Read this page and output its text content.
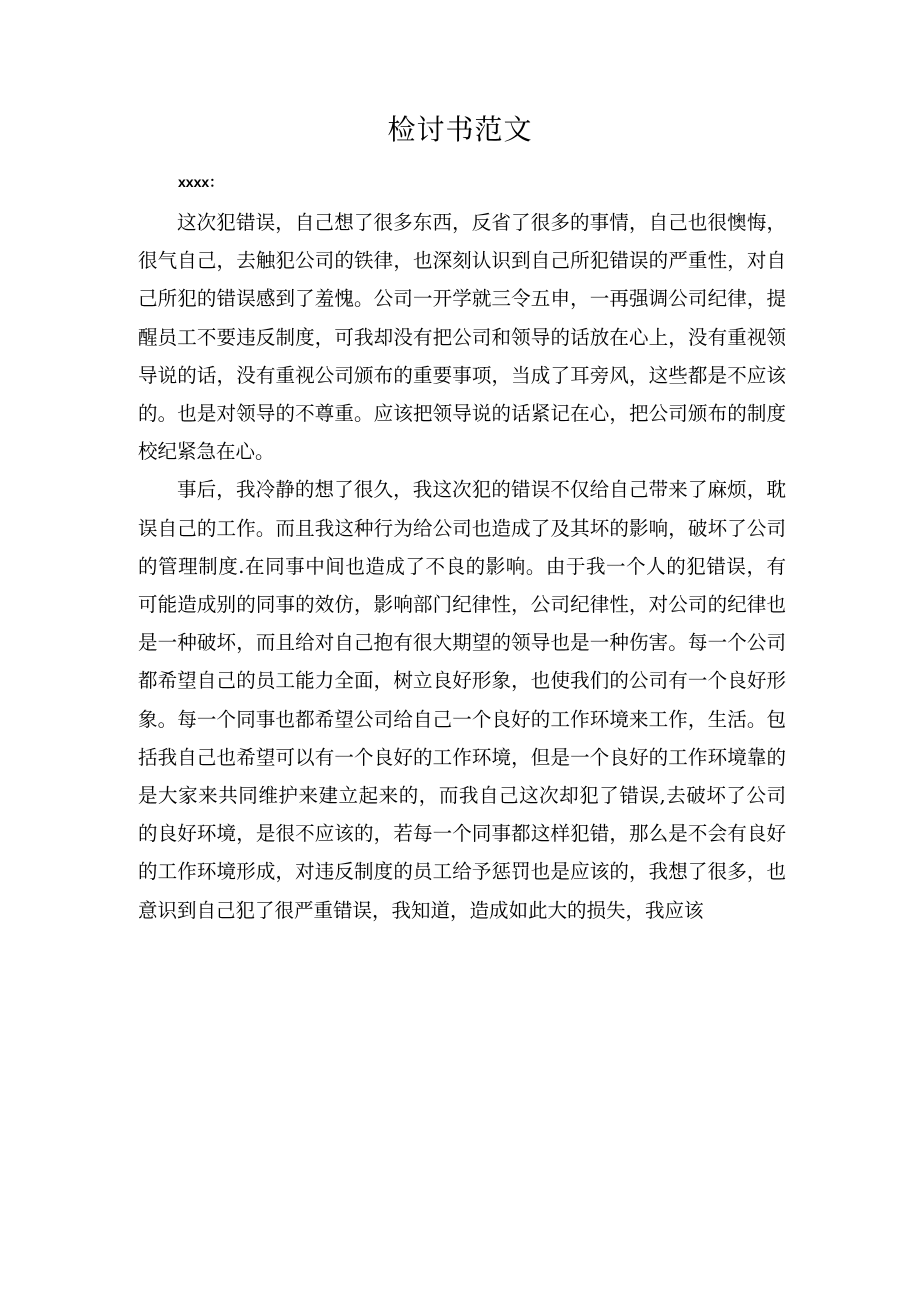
检讨书范文
xxxx：

这次犯错误，自己想了很多东西，反省了很多的事情，自己也很懊悔，很气自己，去触犯公司的铁律，也深刻认识到自己所犯错误的严重性，对自己所犯的错误感到了羞愧。公司一开学就三令五申，一再强调公司纪律，提醒员工不要违反制度，可我却没有把公司和领导的话放在心上，没有重视领导说的话，没有重视公司颁布的重要事项，当成了耳旁风，这些都是不应该的。也是对领导的不尊重。应该把领导说的话紧记在心，把公司颁布的制度校纪紧急在心。

事后，我冷静的想了很久，我这次犯的错误不仅给自己带来了麻烦，耽误自己的工作。而且我这种行为给公司也造成了及其坏的影响，破坏了公司的管理制度.在同事中间也造成了不良的影响。由于我一个人的犯错误，有可能造成别的同事的效仿，影响部门纪律性，公司纪律性，对公司的纪律也是一种破坏，而且给对自己抱有很大期望的领导也是一种伤害。每一个公司都希望自己的员工能力全面，树立良好形象，也使我们的公司有一个良好形象。每一个同事也都希望公司给自己一个良好的工作环境来工作，生活。包括我自己也希望可以有一个良好的工作环境，但是一个良好的工作环境靠的是大家来共同维护来建立起来的，而我自己这次却犯了错误,去破坏了公司的良好环境，是很不应该的，若每一个同事都这样犯错，那么是不会有良好的工作环境形成，对违反制度的员工给予惩罚也是应该的，我想了很多，也意识到自己犯了很严重错误，我知道，造成如此大的损失，我应该
